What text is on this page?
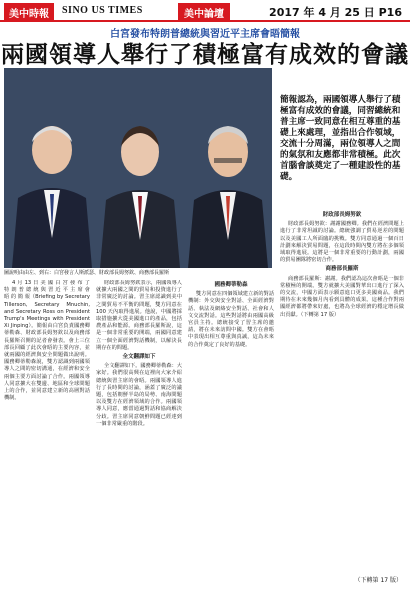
美中時報	SINO US TIMES	美中論壇	2017 年 4 月 25 日 P16
白宮發布特朗普總統與習近平主席會晤簡報
兩國領導人舉行了積極富有成效的會議
圖說明由由左、到右：白宮發言人斯派瑟、財政部長姆努欽、商務部長羅斯
簡報認為，兩國領導人舉行了積極富有成效的會議，同習總統和普主席一致同意在相互尊重的基礎上來處理，並指出合作領域，交流十分周滿，兩位領導人之間的氣氛和友應都非常積極。此次首腦會談奠定了一種建設性的基礎。

4 月 13 日 美 國 白 宮 發 布 了 特 朗 普 總 統 與 習 近 平 主 席 會 晤 的 簡 報（Briefing by Secretary Tillerson, Secretary Mnuchin, and Secretary Ross on President Trump's Meetings with President Xi Jinping）。簡報由白宮負責國務卿蒂勒森、財政部長姆努欽以及商務部長羅斯召開的記者會發表。會上三位部長回顧了此次會晤的主要內容，並就兩國的經濟與安全問題做出說明。國務卿蒂勒森說，雙方認識到兩國領導人之間的密切溝通，在經濟和安全兩個主要方面討論了合作。兩國領導人同意擴大在雙邊、地區和全球問題上的合作，並同意建立新的高層對話機制。

財政部長姆努欽表示，兩國領導人就擴大兩國之間的貿易和投資進行了非常廣泛的討論。習主席認識到美中之間貿易不平衡的問題，雙方同意在 100 天內取得進展。他說，中國將採取措施擴大從美國進口的產品，包括農產品和能源。商務部長羅斯說，這是一個非常重要的開端，兩國同意建立一個全面經濟對話機制，以解決長期存在的問題。

全文翻譯如下

全文翻譯如下。國務卿蒂勒森：大家好。我們很高興在這裡向大家介紹總統與習主席的會晤。兩國領導人進行了長時間的討論，涵蓋了廣泛的議題，包括朝鮮半島的局勢、南海問題以及雙方在經濟領域的合作。兩國領導人同意，應當通過對話和協商解決分歧。習主席同意朝鮮問題已經達到一個非常嚴重的階段。

國務卿蒂勒森

雙方同意在四個領域建立新的對話機制：外交與安全對話、全面經濟對話、執法及網絡安全對話、社會和人文交流對話。這些對話將由兩國高級官員主持。總統接受了習主席的邀請，將在未來訪問中國。雙方在會晤中表現出相互尊重與真誠，這為未來的合作奠定了良好的基礎。

財政部長姆努欽

財政部長姆努欽：謝謝國務卿。我們在經濟問題上進行了非常坦誠的討論。總統強調了貿易逆差的問題以及美國工人所面臨的挑戰。雙方同意通過一個百日計劃來解決貿易問題，在這段時間內雙方將在多個領域取得進展。這將是一個非常重要的行動計劃，兩國的貿易團隊將密切合作。

商務部長羅斯

商務部長羅斯：謝謝。我們認為這次會晤是一個非常積極的開端。雙方就擴大美國對華出口進行了深入的交流，中國方面表示願意進口更多美國商品。我們期待在未來幾個月內看到具體的成果。這種合作對兩國經濟都將帶來好處，也將為全球經濟的穩定增長做出貢獻。（下轉第 17 版）

（下轉第 17 版）
